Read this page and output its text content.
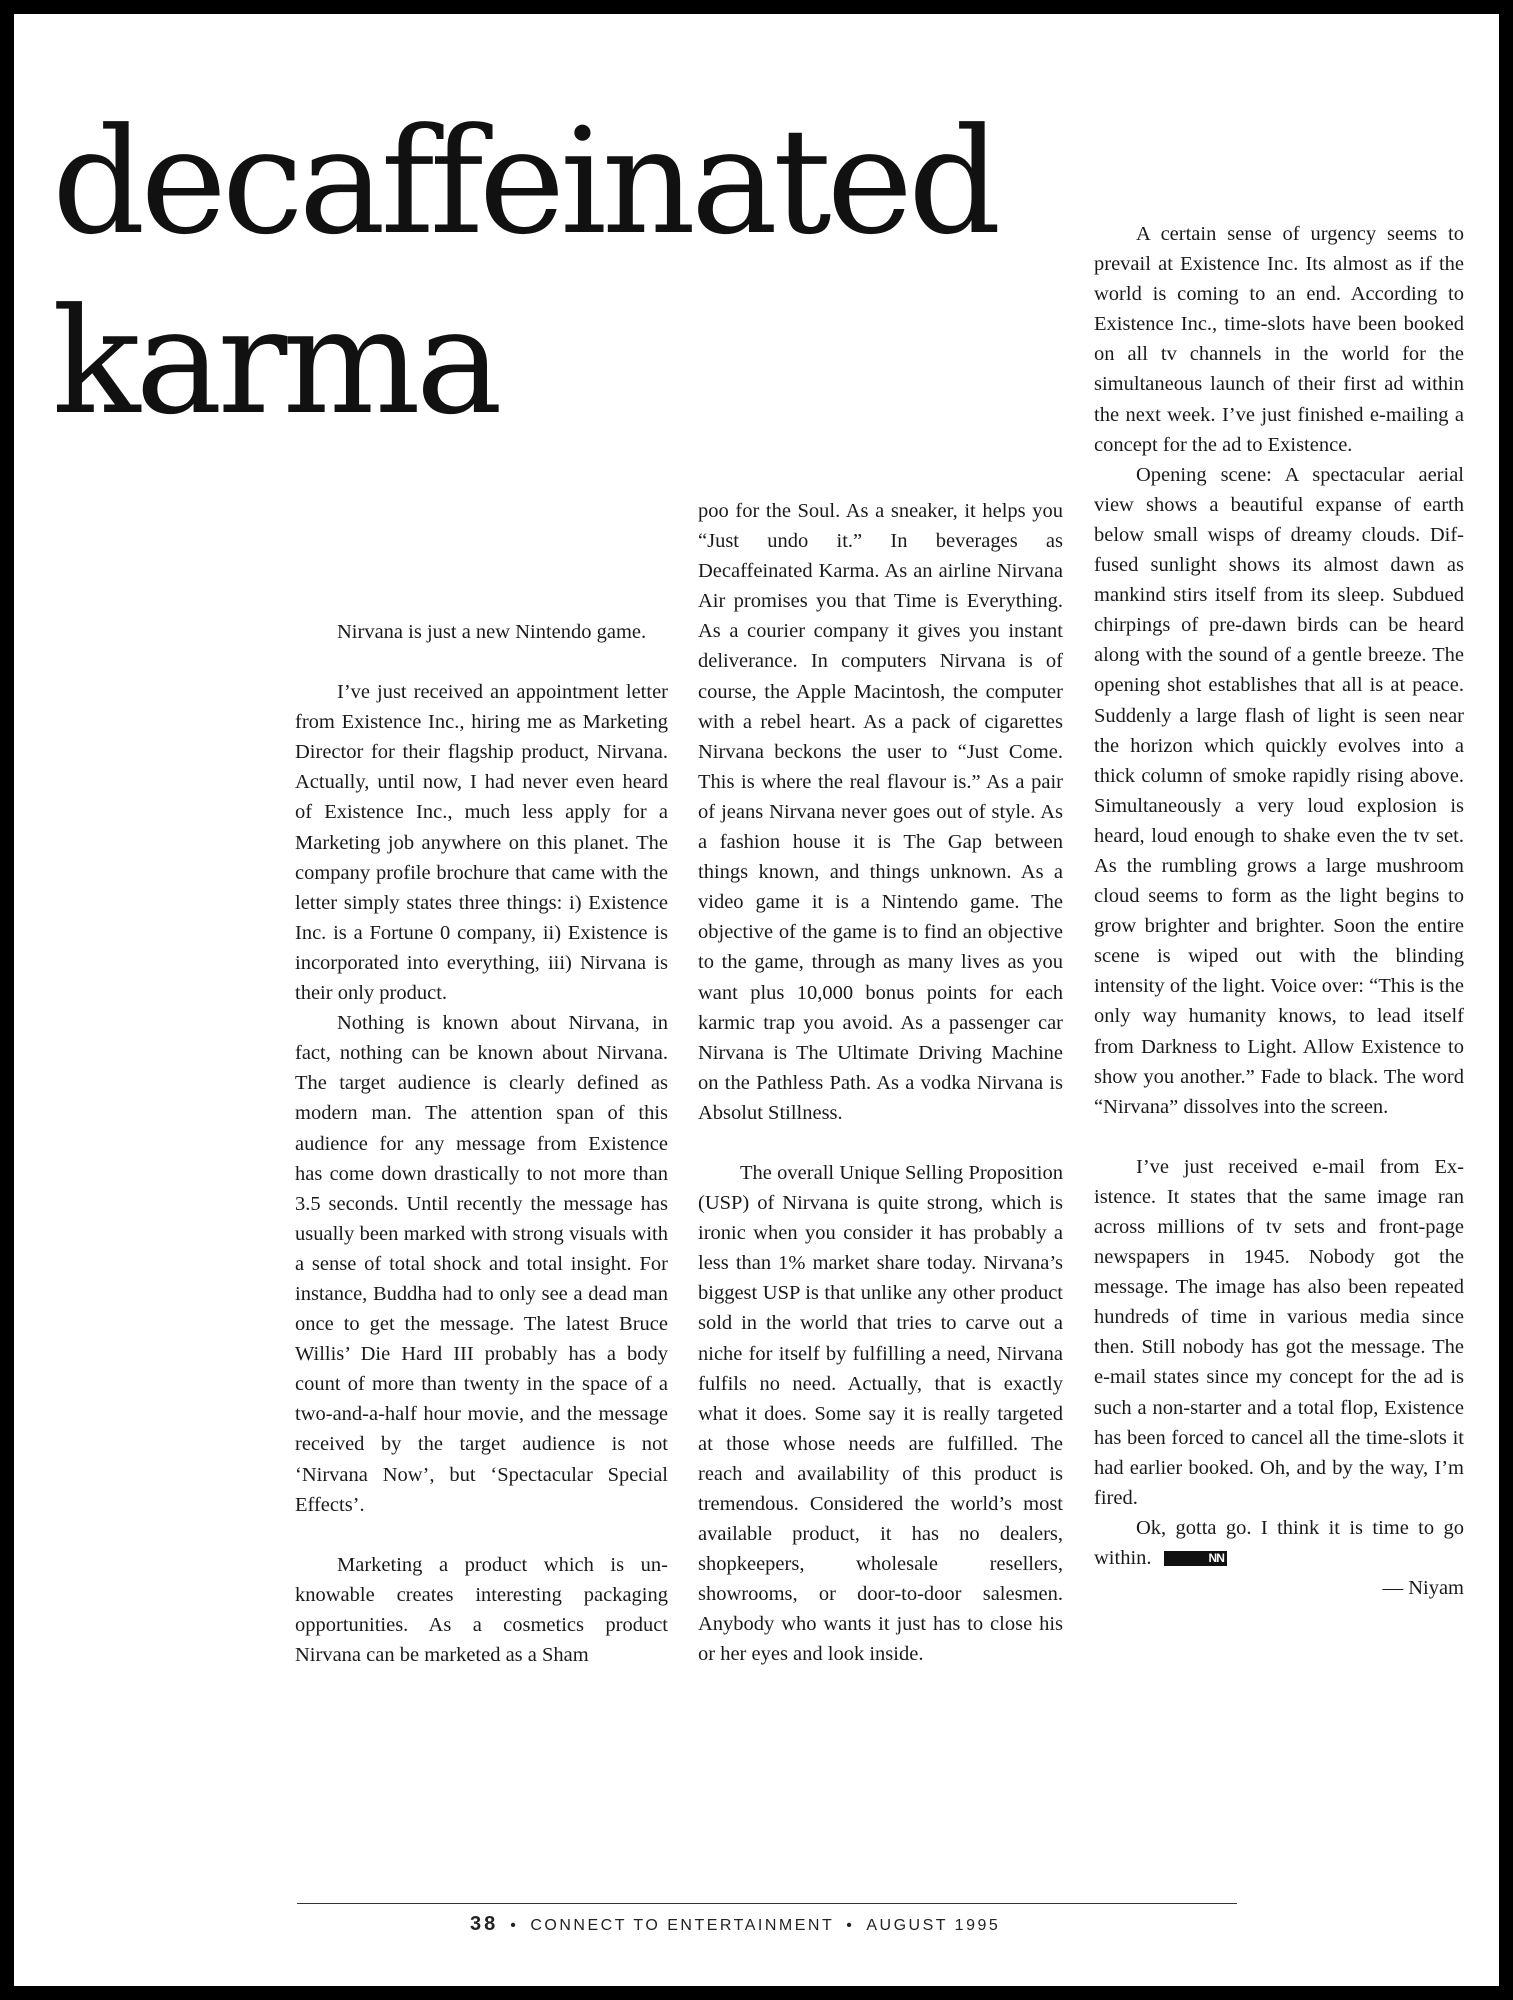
decaffeinated
karma

Nirvana is just a new Nintendo game.

I’ve just received an appointment letter from Existence Inc., hiring me as Marketing Director for their flagship product, Nirvana. Actually, until now, I had never even heard of Existence Inc., much less apply for a Marketing job anywhere on this planet. The company profile brochure that came with the letter simply states three things: i) Existence Inc. is a Fortune 0 company, ii) Existence is incorporated into everything, iii) Nirvana is their only product.

Nothing is known about Nirvana, in fact, nothing can be known about Nirvana. The target audience is clearly defined as modern man. The attention span of this audience for any message from Existence has come down drastically to not more than 3.5 seconds. Until recently the message has usually been marked with strong visuals with a sense of total shock and total insight. For instance, Buddha had to only see a dead man once to get the message. The latest Bruce Willis’ Die Hard III probably has a body count of more than twenty in the space of a two-and-a-half hour movie, and the message received by the target audience is not ‘Nirvana Now’, but ‘Spectacular Special Effects’.

Marketing a product which is unknowable creates interesting packaging opportunities. As a cosmetics product Nirvana can be marketed as a Sham

poo for the Soul. As a sneaker, it helps you “Just undo it.” In beverages as Decaffeinated Karma. As an airline Nirvana Air promises you that Time is Everything. As a courier company it gives you instant deliverance. In computers Nirvana is of course, the Apple Macintosh, the computer with a rebel heart. As a pack of cigarettes Nirvana beckons the user to “Just Come. This is where the real flavour is.” As a pair of jeans Nirvana never goes out of style. As a fashion house it is The Gap between things known, and things unknown. As a video game it is a Nintendo game. The objective of the game is to find an objective to the game, through as many lives as you want plus 10,000 bonus points for each karmic trap you avoid. As a passenger car Nirvana is The Ultimate Driving Machine on the Pathless Path. As a vodka Nirvana is Absolut Stillness.

The overall Unique Selling Proposition (USP) of Nirvana is quite strong, which is ironic when you consider it has probably a less than 1% market share today. Nirvana’s biggest USP is that unlike any other product sold in the world that tries to carve out a niche for itself by fulfilling a need, Nirvana fulfils no need. Actually, that is exactly what it does. Some say it is really targeted at those whose needs are fulfilled. The reach and availability of this product is tremendous. Considered the world’s most available product, it has no dealers, shopkeepers, wholesale resellers, showrooms, or door-to-door salesmen. Anybody who wants it just has to close his or her eyes and look inside.

A certain sense of urgency seems to prevail at Existence Inc. Its almost as if the world is coming to an end. According to Existence Inc., time-slots have been booked on all tv channels in the world for the simultaneous launch of their first ad within the next week. I’ve just finished e-mailing a concept for the ad to Existence.

Opening scene: A spectacular aerial view shows a beautiful expanse of earth below small wisps of dreamy clouds. Diffused sunlight shows its almost dawn as mankind stirs itself from its sleep. Subdued chirpings of pre-dawn birds can be heard along with the sound of a gentle breeze. The opening shot establishes that all is at peace. Suddenly a large flash of light is seen near the horizon which quickly evolves into a thick column of smoke rapidly rising above. Simultaneously a very loud explosion is heard, loud enough to shake even the tv set. As the rumbling grows a large mushroom cloud seems to form as the light begins to grow brighter and brighter. Soon the entire scene is wiped out with the blinding intensity of the light. Voice over: “This is the only way humanity knows, to lead itself from Darkness to Light. Allow Existence to show you another.” Fade to black. The word “Nirvana” dissolves into the screen.

I’ve just received e-mail from Existence. It states that the same image ran across millions of tv sets and front-page newspapers in 1945. Nobody got the message. The image has also been repeated hundreds of time in various media since then. Still nobody has got the message. The e-mail states since my concept for the ad is such a non-starter and a total flop, Existence has been forced to cancel all the time-slots it had earlier booked. Oh, and by the way, I’m fired.

Ok, gotta go. I think it is time to go within.	NN

— Niyam

38 • CONNECT TO ENTERTAINMENT • AUGUST 1995
